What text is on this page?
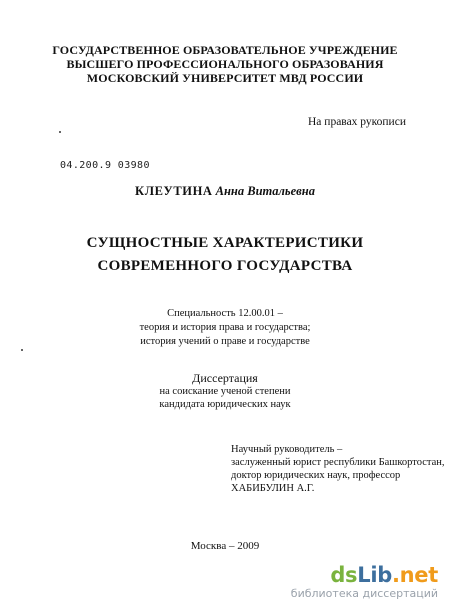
ГОСУДАРСТВЕННОЕ ОБРАЗОВАТЕЛЬНОЕ УЧРЕЖДЕНИЕ
ВЫСШЕГО ПРОФЕССИОНАЛЬНОГО ОБРАЗОВАНИЯ
МОСКОВСКИЙ УНИВЕРСИТЕТ МВД РОССИИ
На правах рукописи
04.200.9 03980
КЛЕУТИНА Анна Витальевна
СУЩНОСТНЫЕ ХАРАКТЕРИСТИКИ
СОВРЕМЕННОГО ГОСУДАРСТВА
Специальность 12.00.01 –
теория и история права и государства;
история учений о праве и государстве
Диссертация
на соискание ученой степени
кандидата юридических наук
Научный руководитель –
заслуженный юрист республики Башкортостан,
доктор юридических наук, профессор
ХАБИБУЛИН А.Г.
Москва – 2009
dsLib.net
библиотека диссертаций
